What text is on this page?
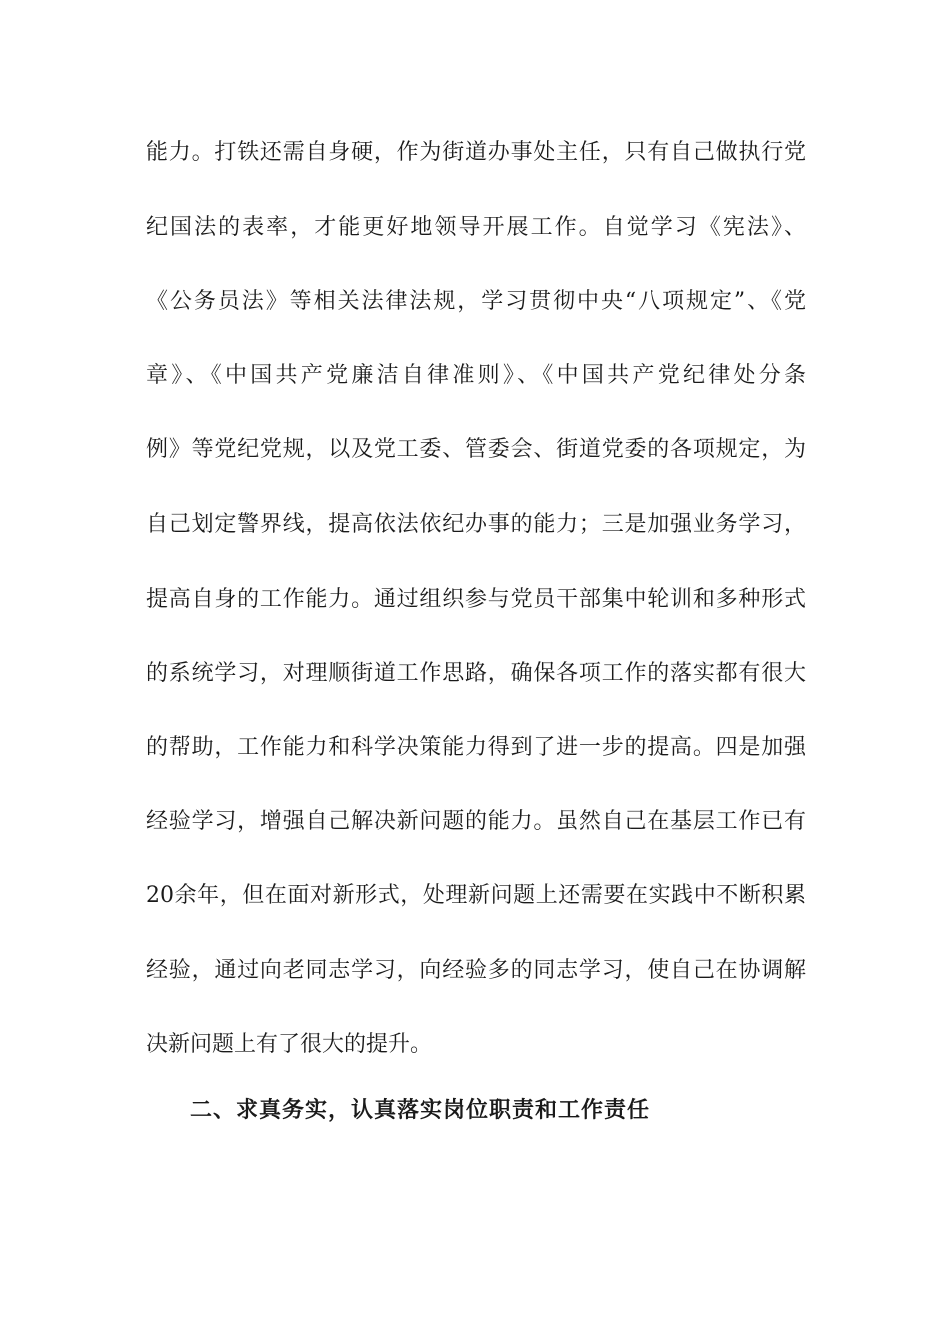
能力。打铁还需自身硬，作为街道办事处主任，只有自己做执行党
纪国法的表率，才能更好地领导开展工作。自觉学习《宪法》、
《公务员法》等相关法律法规，学习贯彻中央“八项规定”、《党
章》、《中国共产党廉洁自律准则》、《中国共产党纪律处分条
例》等党纪党规，以及党工委、管委会、街道党委的各项规定，为
自己划定警界线，提高依法依纪办事的能力；三是加强业务学习，
提高自身的工作能力。通过组织参与党员干部集中轮训和多种形式
的系统学习，对理顺街道工作思路，确保各项工作的落实都有很大
的帮助，工作能力和科学决策能力得到了进一步的提高。四是加强
经验学习，增强自己解决新问题的能力。虽然自己在基层工作已有
20余年，但在面对新形式，处理新问题上还需要在实践中不断积累
经验，通过向老同志学习，向经验多的同志学习，使自己在协调解
决新问题上有了很大的提升。
二、求真务实，认真落实岗位职责和工作责任
